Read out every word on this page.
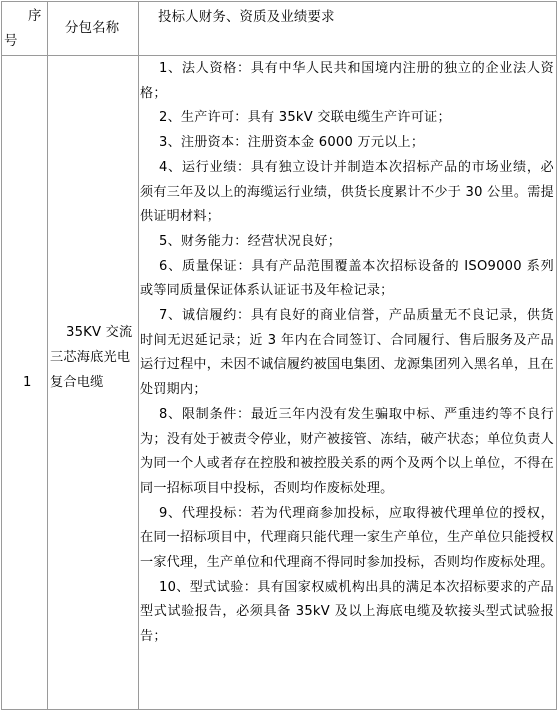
序
号
分包名称
投标人财务、资质及业绩要求
1
35KV 交流
三芯海底光电
复合电缆

1、法人资格：具有中华人民共和国境内注册的独立的企业法人资格；

2、生产许可：具有 35kV 交联电缆生产许可证；

3、注册资本：注册资本金 6000 万元以上；

4、运行业绩：具有独立设计并制造本次招标产品的市场业绩，必须有三年及以上的海缆运行业绩，供货长度累计不少于 30 公里。需提供证明材料；

5、财务能力：经营状况良好；

6、质量保证：具有产品范围覆盖本次招标设备的 ISO9000 系列或等同质量保证体系认证证书及年检记录；

7、诚信履约：具有良好的商业信誉，产品质量无不良记录，供货时间无迟延记录；近 3 年内在合同签订、合同履行、售后服务及产品运行过程中，未因不诚信履约被国电集团、龙源集团列入黑名单，且在处罚期内；

8、限制条件：最近三年内没有发生骗取中标、严重违约等不良行为；没有处于被责令停业，财产被接管、冻结，破产状态；单位负责人为同一个人或者存在控股和被控股关系的两个及两个以上单位，不得在同一招标项目中投标，否则均作废标处理。

9、代理投标：若为代理商参加投标，应取得被代理单位的授权，在同一招标项目中，代理商只能代理一家生产单位，生产单位只能授权一家代理，生产单位和代理商不得同时参加投标，否则均作废标处理。

10、型式试验：具有国家权威机构出具的满足本次招标要求的产品型式试验报告，必须具备 35kV 及以上海底电缆及软接头型式试验报告；
